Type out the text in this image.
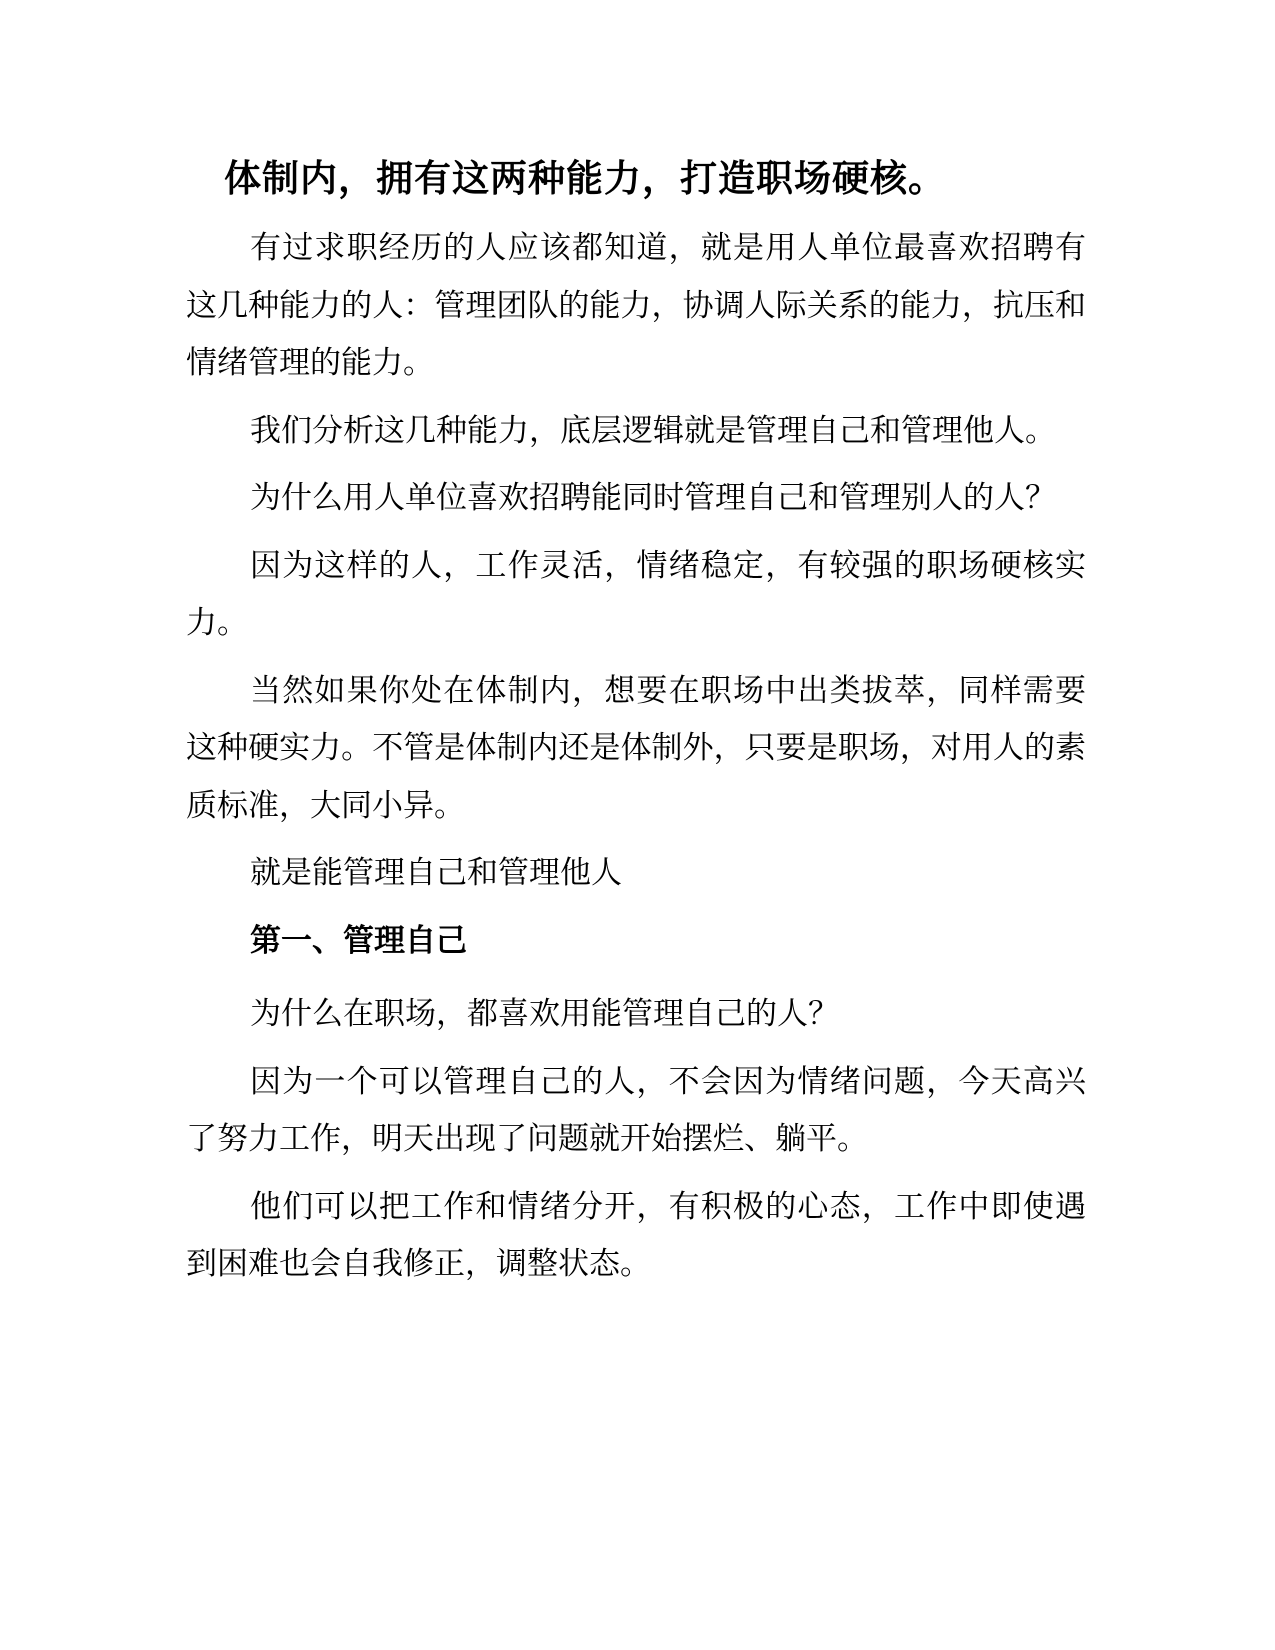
体制内，拥有这两种能力，打造职场硬核。

有过求职经历的人应该都知道，就是用人单位最喜欢招聘有这几种能力的人：管理团队的能力，协调人际关系的能力，抗压和情绪管理的能力。

我们分析这几种能力，底层逻辑就是管理自己和管理他人。

为什么用人单位喜欢招聘能同时管理自己和管理别人的人？

因为这样的人，工作灵活，情绪稳定，有较强的职场硬核实力。

当然如果你处在体制内，想要在职场中出类拔萃，同样需要这种硬实力。不管是体制内还是体制外，只要是职场，对用人的素质标准，大同小异。

就是能管理自己和管理他人

第一、管理自己

为什么在职场，都喜欢用能管理自己的人？

因为一个可以管理自己的人，不会因为情绪问题，今天高兴了努力工作，明天出现了问题就开始摆烂、躺平。

他们可以把工作和情绪分开，有积极的心态，工作中即使遇到困难也会自我修正，调整状态。
